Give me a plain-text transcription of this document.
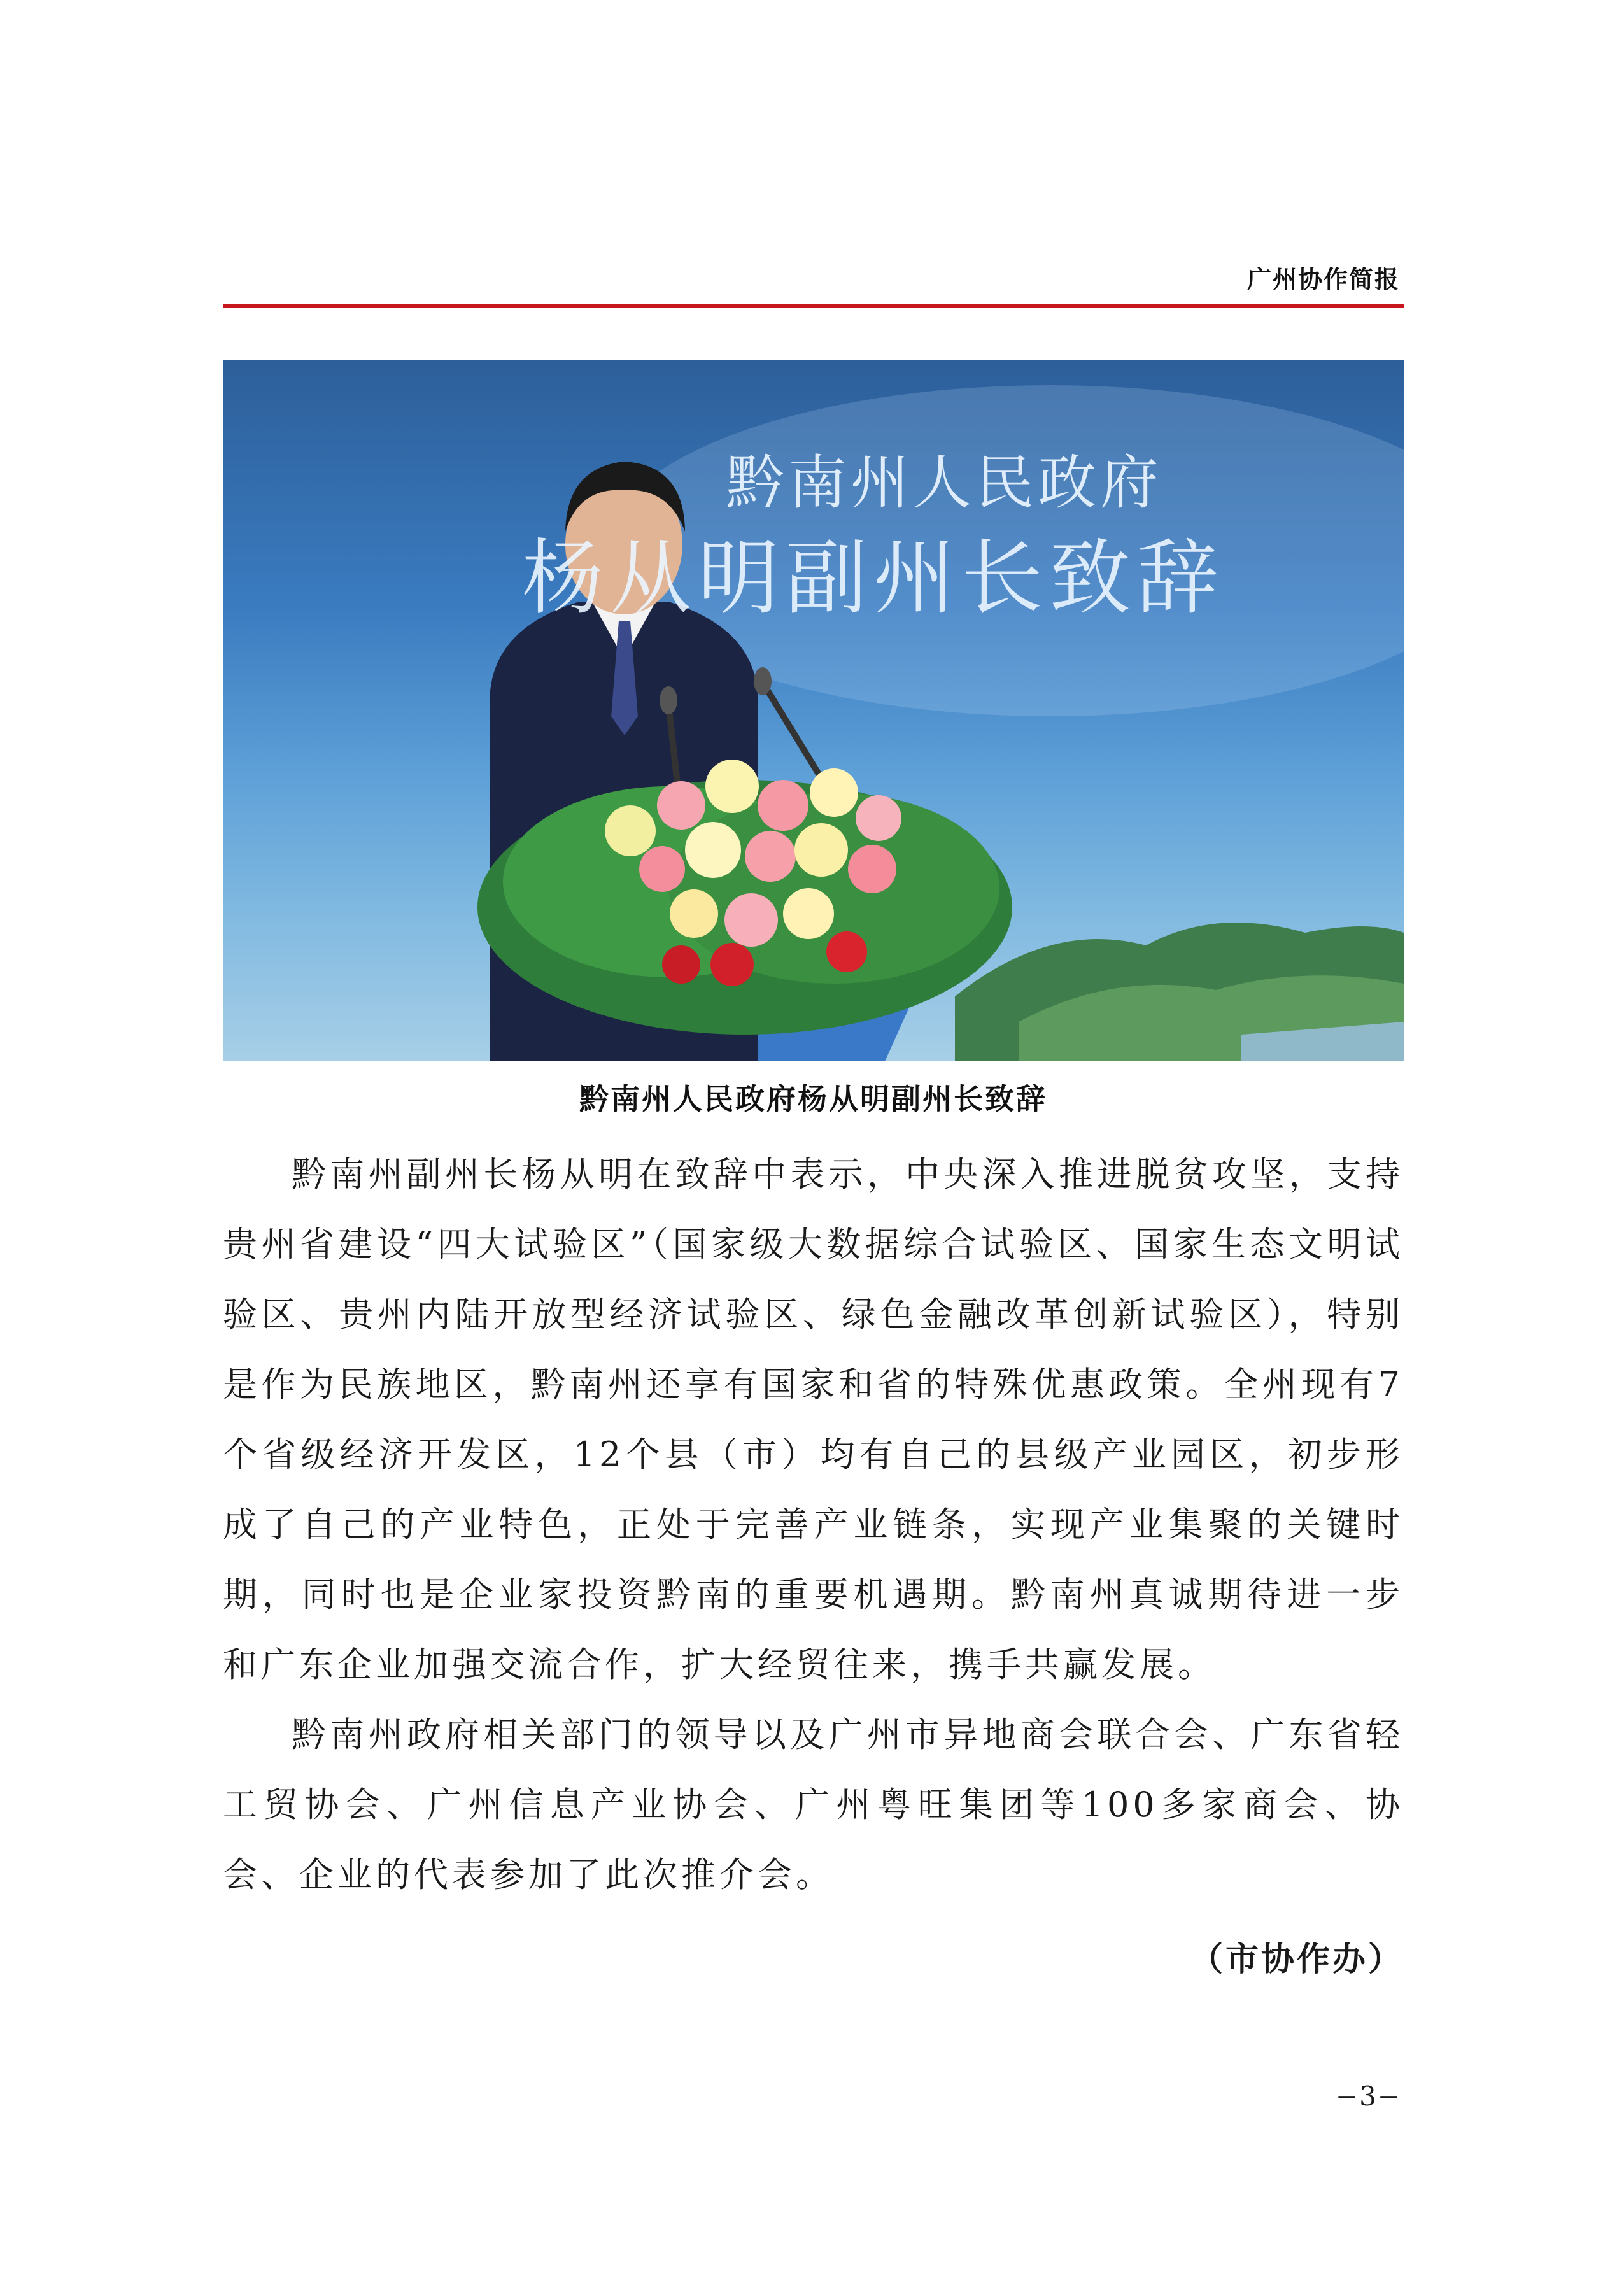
广州协作简报
黔南州人民政府
杨从明副州长致辞
黔南州人民政府杨从明副州长致辞

黔南州副州长杨从明在致辞中表示，中央深入推进脱贫攻坚，支持贵州省建设“四大试验区”（国家级大数据综合试验区、国家生态文明试验区、贵州内陆开放型经济试验区、绿色金融改革创新试验区），特别是作为民族地区，黔南州还享有国家和省的特殊优惠政策。全州现有7个省级经济开发区，12个县（市）均有自己的县级产业园区，初步形成了自己的产业特色，正处于完善产业链条，实现产业集聚的关键时期，同时也是企业家投资黔南的重要机遇期。黔南州真诚期待进一步和广东企业加强交流合作，扩大经贸往来，携手共赢发展。

黔南州政府相关部门的领导以及广州市异地商会联合会、广东省轻工贸协会、广州信息产业协会、广州粤旺集团等100多家商会、协会、企业的代表参加了此次推介会。

（市协作办）
−3−
